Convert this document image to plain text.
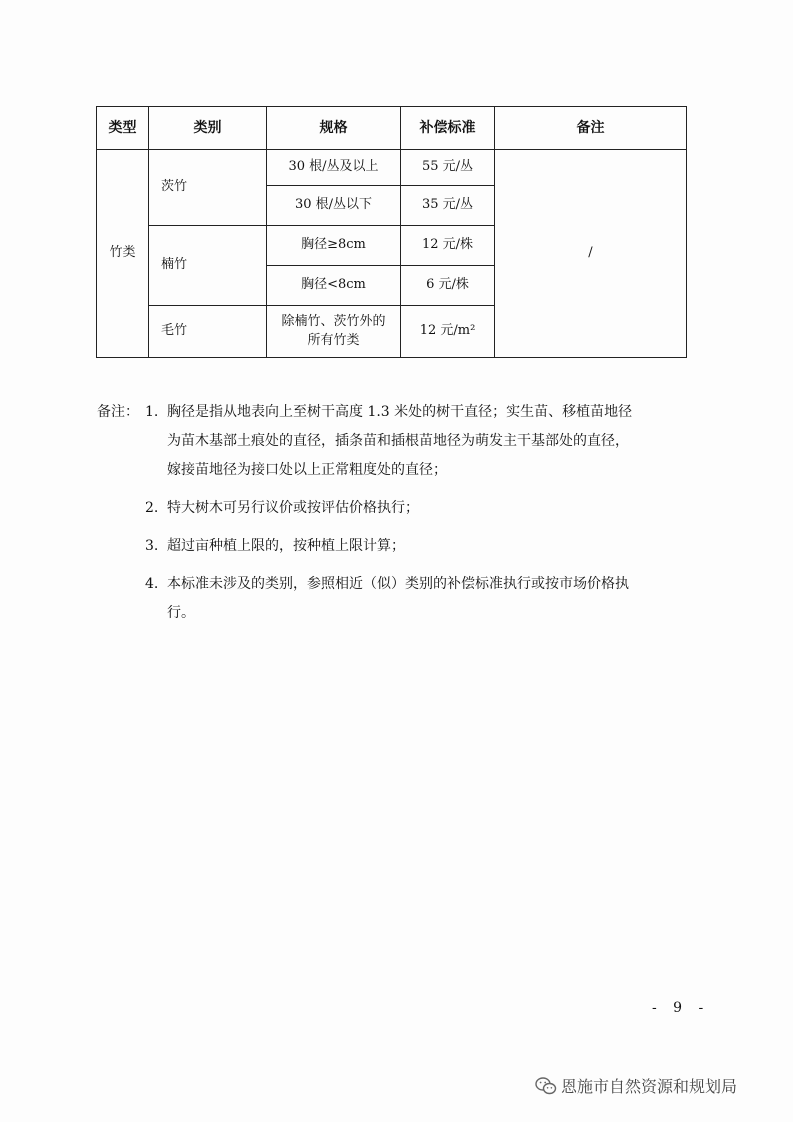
类型	类别	规格	补偿标准	备注
竹类	茨竹	30 根/丛及以上	55 元/丛	/
		30 根/丛以下	35 元/丛	
	楠竹	胸径≥8cm	12 元/株	
		胸径<8cm	6 元/株	
	毛竹	除楠竹、茨竹外的
所有竹类	12 元/m²	
备注： 1. 胸径是指从地表向上至树干高度 1.3 米处的树干直径；实生苗、移植苗地径
为苗木基部土痕处的直径，插条苗和插根苗地径为萌发主干基部处的直径，
嫁接苗地径为接口处以上正常粗度处的直径；
2. 特大树木可另行议价或按评估价格执行；
3. 超过亩种植上限的，按种植上限计算；
4. 本标准未涉及的类别，参照相近（似）类别的补偿标准执行或按市场价格执
行。
- 9 -
恩施市自然资源和规划局
